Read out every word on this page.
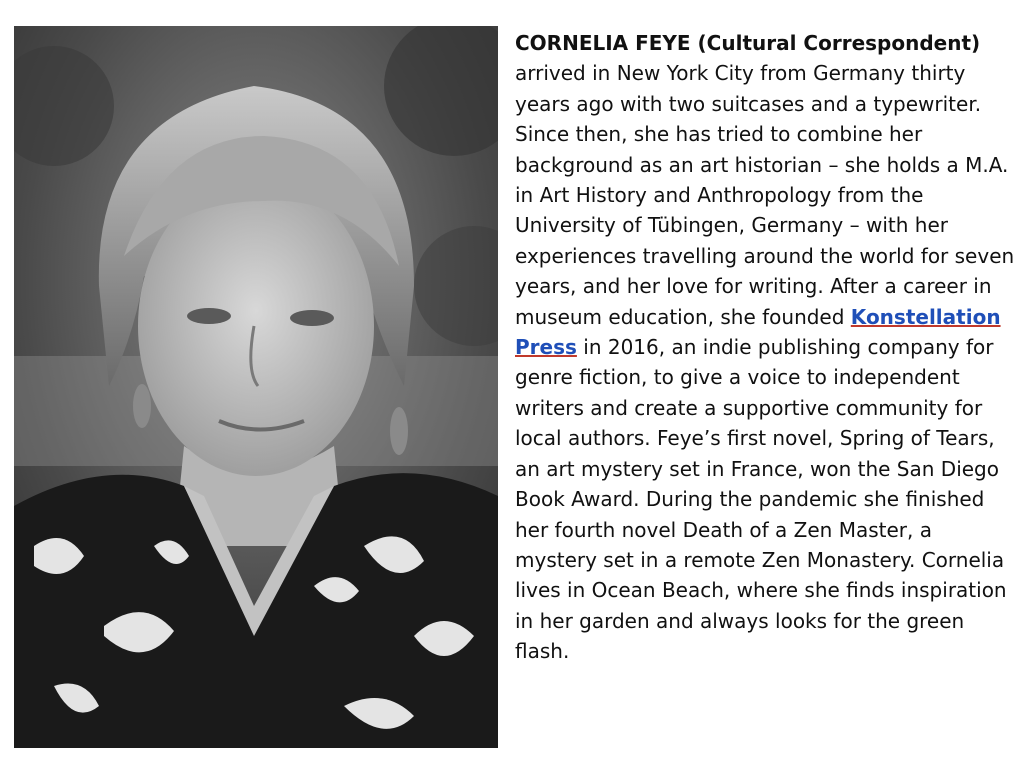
CORNELIA FEYE (Cultural Correspondent) arrived in New York City from Germany thirty years ago with two suitcases and a typewriter. Since then, she has tried to combine her background as an art historian – she holds a M.A. in Art History and Anthropology from the University of Tübingen, Germany – with her experiences travelling around the world for seven years, and her love for writing. After a career in museum education, she founded Konstellation Press in 2016, an indie publishing company for genre fiction, to give a voice to independent writers and create a supportive community for local authors. Feye’s first novel, Spring of Tears, an art mystery set in France, won the San Diego Book Award. During the pandemic she finished her fourth novel Death of a Zen Master, a mystery set in a remote Zen Monastery. Cornelia lives in Ocean Beach, where she finds inspiration in her garden and always looks for the green flash.
